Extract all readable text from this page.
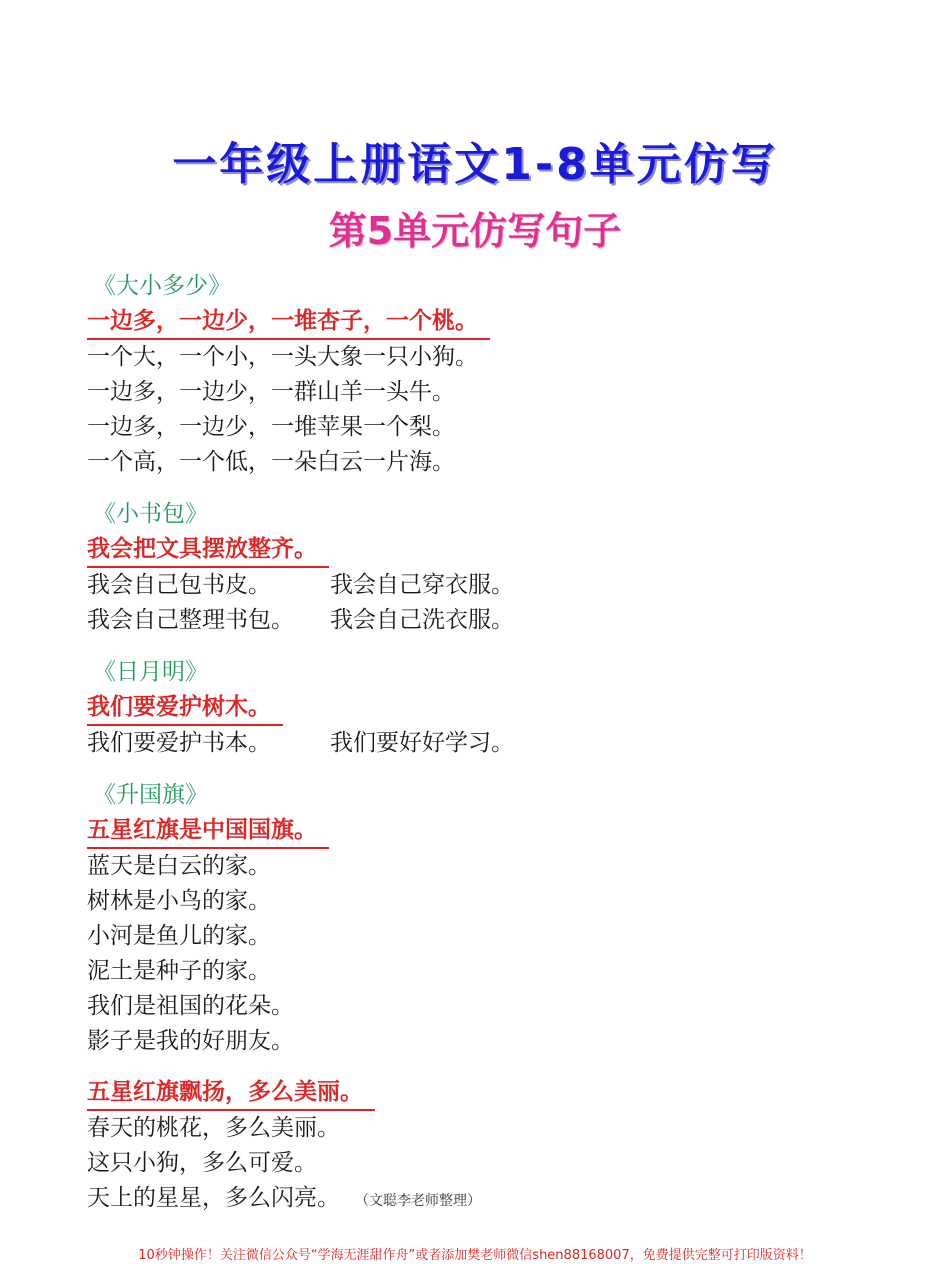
一年级上册语文1-8单元仿写
第5单元仿写句子
《大小多少》
一边多，一边少，一堆杏子，一个桃。
一个大，一个小，一头大象一只小狗。
一边多，一边少，一群山羊一头牛。
一边多，一边少，一堆苹果一个梨。
一个高，一个低，一朵白云一片海。
《小书包》
我会把文具摆放整齐。
我会自己包书皮。	我会自己穿衣服。
我会自己整理书包。 我会自己洗衣服。
《日月明》
我们要爱护树木。
我们要爱护书本。	我们要好好学习。
《升国旗》
五星红旗是中国国旗。
蓝天是白云的家。
树林是小鸟的家。
小河是鱼儿的家。
泥土是种子的家。
我们是祖国的花朵。
影子是我的好朋友。
五星红旗飘扬，多么美丽。
春天的桃花，多么美丽。
这只小狗，多么可爱。
天上的星星，多么闪亮。 （文聪李老师整理）
10秒钟操作！关注微信公众号“学海无涯甜作舟”或者添加樊老师微信shen88168007，免费提供完整可打印版资料！
